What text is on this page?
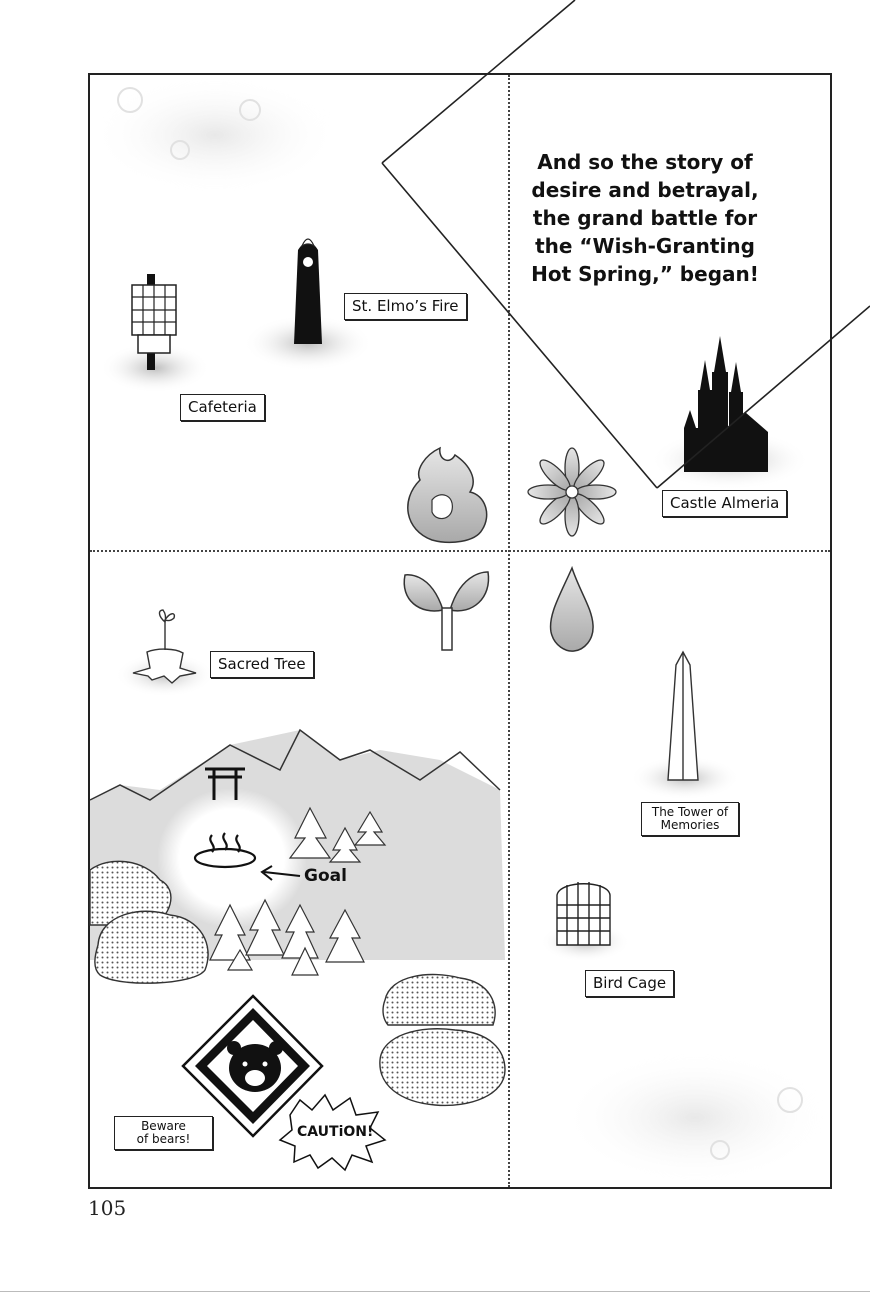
Cafeteria
St. Elmo’s Fire
Castle Almeria
Sacred Tree
The Tower of
Memories
Bird Cage
Beware
of bears!
Goal
CAUTiON!
And so the story of
desire and betrayal,
the grand battle for
the “Wish-Granting
Hot Spring,” began!
105
